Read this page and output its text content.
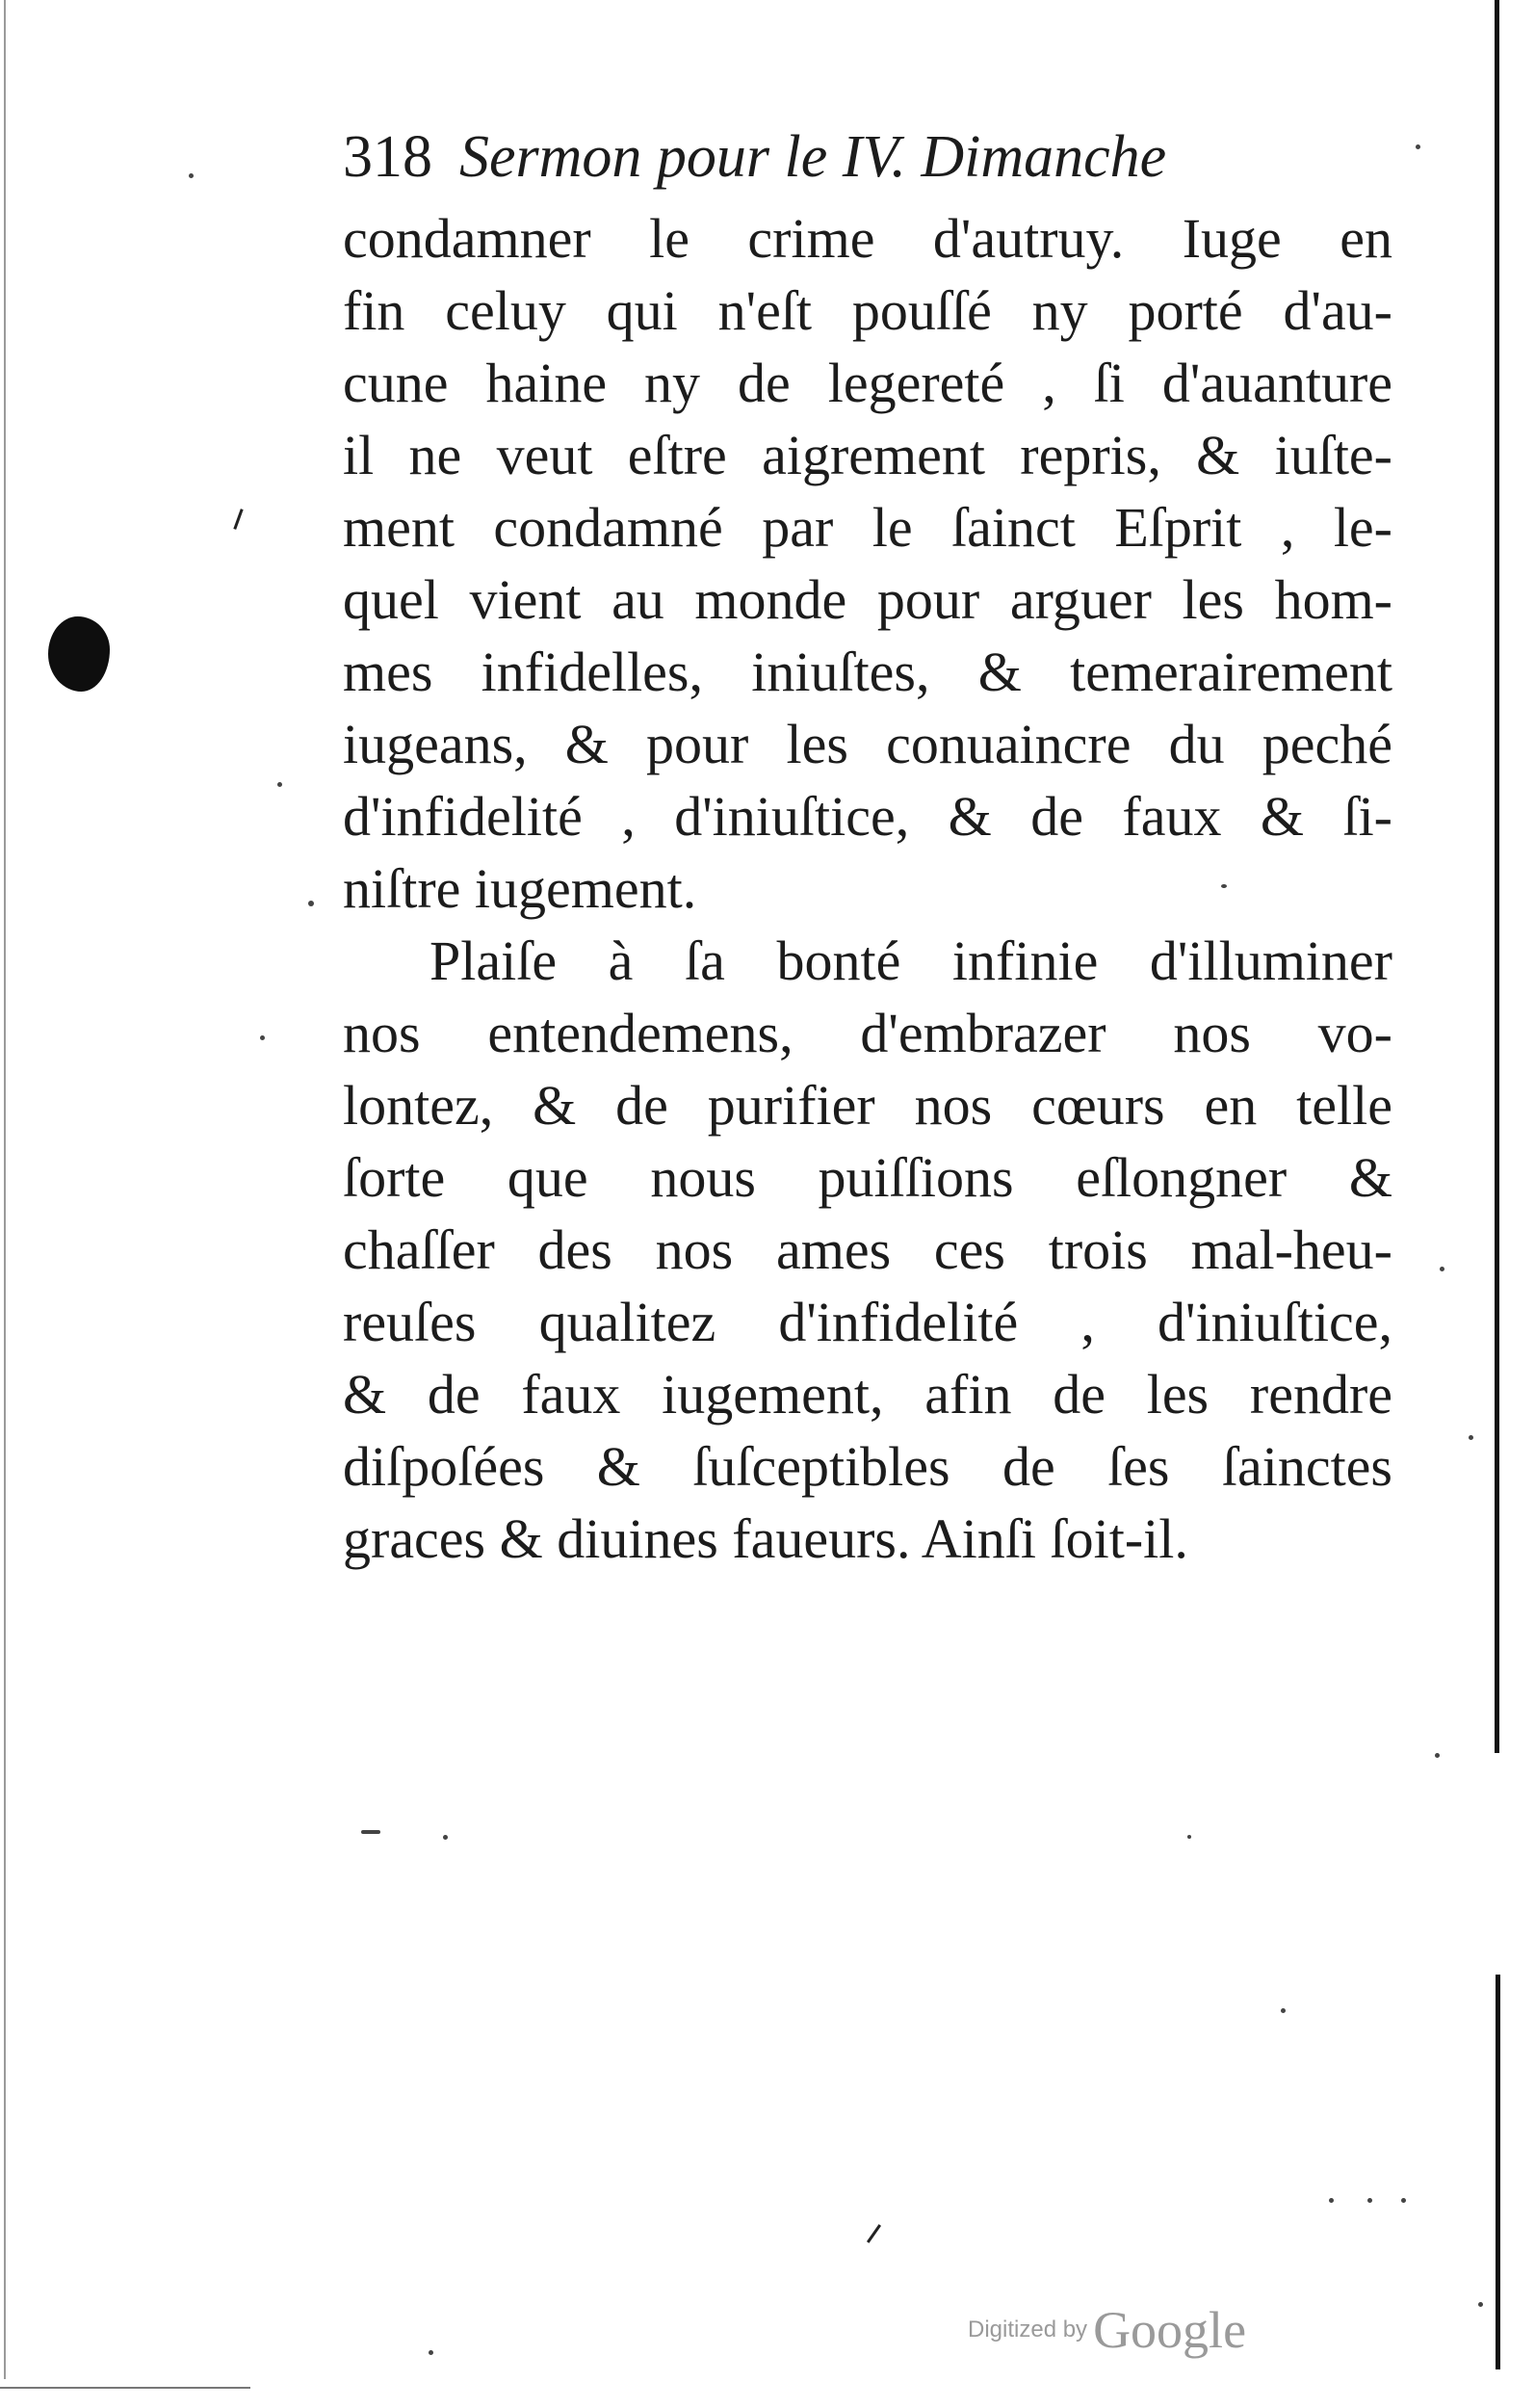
318 Sermon pour le IV. Dimanche
condamner le crime d'autruy. Iuge en
fin celuy qui n'eſt pouſſé ny porté d'au-
cune haine ny de legereté , ſi d'auanture
il ne veut eſtre aigrement repris, & iuſte-
ment condamné par le ſainct Eſprit , le-
quel vient au monde pour arguer les hom-
mes infidelles, iniuſtes, & temerairement
iugeans, & pour les conuaincre du peché
d'infidelité , d'iniuſtice, & de faux & ſi-
niſtre iugement.
Plaiſe à ſa bonté infinie d'illuminer
nos entendemens, d'embrazer nos vo-
lontez, & de purifier nos cœurs en telle
ſorte que nous puiſſions eſlongner &
chaſſer des nos ames ces trois mal-heu-
reuſes qualitez d'infidelité , d'iniuſtice,
& de faux iugement, afin de les rendre
diſpoſées & ſuſceptibles de ſes ſainctes
graces & diuines faueurs. Ainſi ſoit-il.
Digitized by Google
